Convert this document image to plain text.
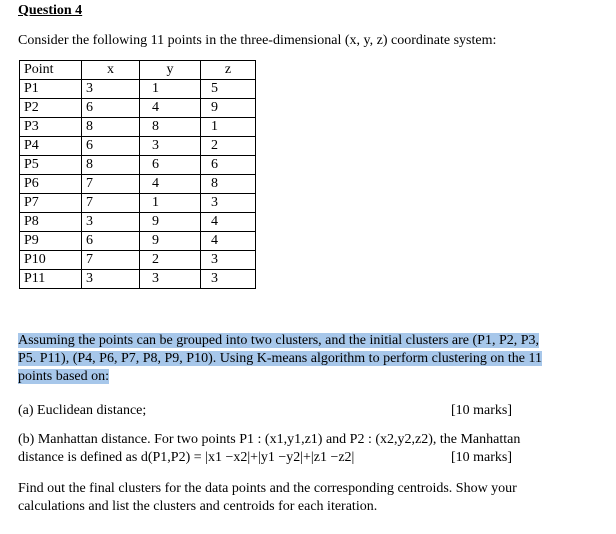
Question 4
Consider the following 11 points in the three-dimensional (x, y, z) coordinate system:
Point	x	y	z
P1	3	1	5
P2	6	4	9
P3	8	8	1
P4	6	3	2
P5	8	6	6
P6	7	4	8
P7	7	1	3
P8	3	9	4
P9	6	9	4
P10	7	2	3
P11	3	3	3
Assuming the points can be grouped into two clusters, and the initial clusters are (P1, P2, P3,
P5. P11), (P4, P6, P7, P8, P9, P10). Using K-means algorithm to perform clustering on the 11
points based on:
(a) Euclidean distance;	[10 marks]
(b) Manhattan distance. For two points P1 : (x1,y1,z1) and P2 : (x2,y2,z2), the Manhattan
distance is defined as d(P1,P2) = |x1 −x2|+|y1 −y2|+|z1 −z2|	[10 marks]
Find out the final clusters for the data points and the corresponding centroids. Show your
calculations and list the clusters and centroids for each iteration.
